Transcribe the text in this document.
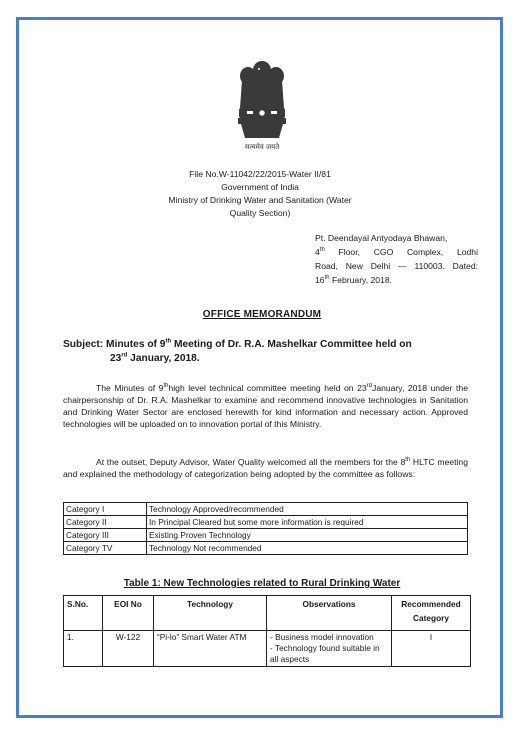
सत्यमेव जयते
File No.W-11042/22/2015-Water II/81
Government of India
Ministry of Drinking Water and Sanitation (Water
Quality Section)
Pt. Deendayal Antyodaya Bhawan,
4th Floor, CGO Complex, Lodhi
Road, New Delhi — 110003. Dated:
16th February, 2018.
OFFICE MEMORANDUM
Subject: Minutes of 9th Meeting of Dr. R.A. Mashelkar Committee held on
23rd January, 2018.
The Minutes of 9thhigh level technical committee meeting held on 23rdJanuary, 2018 under the chairpersonship of Dr. R.A. Mashelkar to examine and recommend innovative technologies in Sanitation and Drinking Water Sector are enclosed herewith for kind information and necessary action. Approved technologies will be uploaded on to innovation portal of this Ministry.
At the outset, Deputy Advisor, Water Quality welcomed all the members for the 8th HLTC meeting and explained the methodology of categorization being adopted by the committee as follows:
Category I	Technology Approved/recommended
Category II	In Principal Cleared but some more information is required
Category III	Existing Proven Technology
Category TV	Technology Not recommended
Table 1: New Technologies related to Rural Drinking Water
S.No.	EOI No	Technology	Observations	Recommended Category
1.	W-122	“Pi-lo” Smart Water ATM	- Business model innovation
- Technology found suitable in all aspects	I
